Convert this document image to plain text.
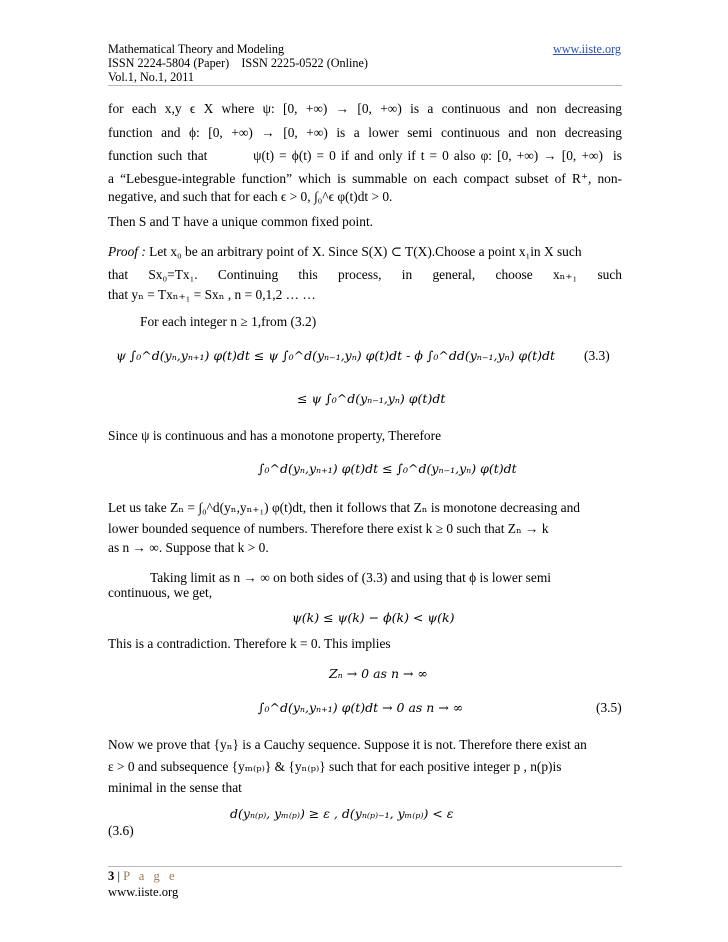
Mathematical Theory and Modeling
ISSN 2224-5804 (Paper)    ISSN 2225-0522 (Online)
Vol.1, No.1, 2011
www.iiste.org
for each x,y ϵ X where ψ: [0, +∞) → [0, +∞) is a continuous and non decreasing
function and ϕ: [0, +∞) → [0, +∞) is a lower semi continuous and non decreasing
function such that         ψ(t) = ϕ(t) = 0 if and only if t = 0 also φ: [0, +∞) → [0, +∞)  is
a “Lebesgue-integrable function” which is summable on each compact subset of R⁺, non-
negative, and such that for each ϵ > 0, ∫₀^ϵ φ(t)dt > 0.
Then S and T have a unique common fixed point.
Proof : Let x₀ be an arbitrary point of X. Since S(X) ⊂ T(X).Choose a point x₁in X such
that   Sx₀=Tx₁.   Continuing   this   process,   in   general,   choose   xₙ₊₁   such
that yₙ = Txₙ₊₁ = Sxₙ , n = 0,1,2 … …
For each integer n ≥ 1,from (3.2)
ψ ∫₀^d(yₙ,yₙ₊₁) φ(t)dt ≤ ψ ∫₀^d(yₙ₋₁,yₙ) φ(t)dt - ϕ ∫₀^dd(yₙ₋₁,yₙ) φ(t)dt (3.3)
≤ ψ ∫₀^d(yₙ₋₁,yₙ) φ(t)dt
Since ψ is continuous and has a monotone property, Therefore
∫₀^d(yₙ,yₙ₊₁) φ(t)dt ≤ ∫₀^d(yₙ₋₁,yₙ) φ(t)dt
Let us take Zₙ = ∫₀^d(yₙ,yₙ₊₁) φ(t)dt, then it follows that Zₙ is monotone decreasing and
lower bounded sequence of numbers. Therefore there exist k ≥ 0 such that Zₙ → k
as n → ∞. Suppose that k > 0.
Taking limit as n → ∞ on both sides of (3.3) and using that ϕ is lower semi
continuous, we get,
ψ(k) ≤ ψ(k) − ϕ(k) < ψ(k)
This is a contradiction. Therefore k = 0. This implies
Zₙ → 0 as n → ∞
∫₀^d(yₙ,yₙ₊₁) φ(t)dt → 0 as n → ∞	(3.5)
Now we prove that {yₙ} is a Cauchy sequence. Suppose it is not. Therefore there exist an
ε > 0 and subsequence {yₘ₍ₚ₎} & {yₙ₍ₚ₎} such that for each positive integer p , n(p)is
minimal in the sense that
d(yₙ₍ₚ₎, yₘ₍ₚ₎) ≥ ε , d(yₙ₍ₚ₎₋₁, yₘ₍ₚ₎) < ε
(3.6)
3 | P a g e
www.iiste.org
